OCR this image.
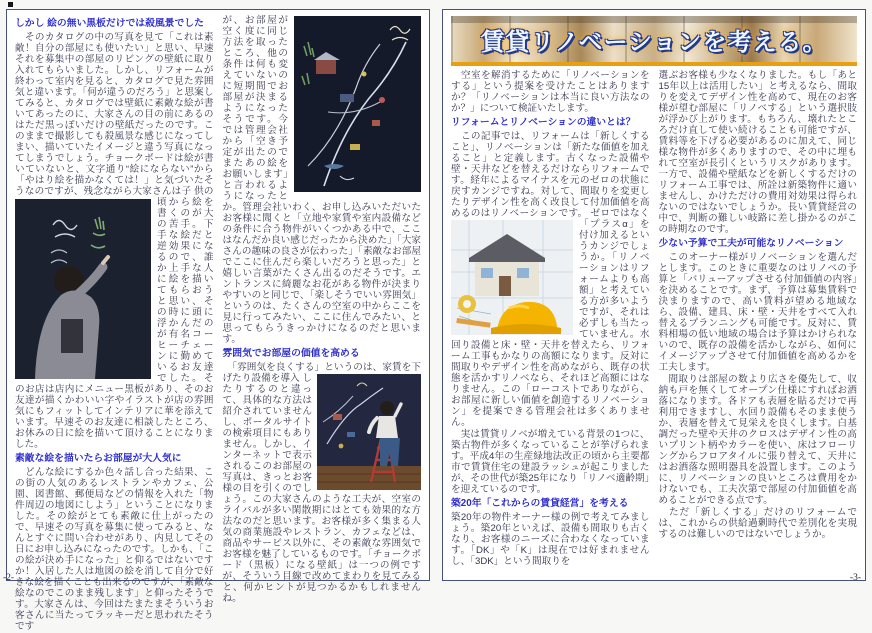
しかし 絵の無い黒板だけでは殺風景でした
　そのカタログの中の写真を見て「これは素敵！自分の部屋にも使いたい」と思い、早速それを募集中の部屋のリビングの壁紙に取り入れてもらいました。しかし、リフォームが終わって室内を見ると、カタログで見た雰囲気と違います。「何が違うのだろう」と思案してみると、カタログでは壁紙に素敵な絵が書いてあったのに、大家さんの目の前にあるのはただ黒っぽいだけの壁紙だったのです。このままで撮影しても殺風景な感じになってしまい、描いていたイメージと違う写真になってしまうでしょう。チョークボードは絵が書いていないと、文字通り“絵にならない”から「やはり絵を描かなくては！」と気づいたそうなのですが、残念ながら大家さんは子 供の頃から絵を書くのが大の苦手。下手な絵だと逆効果になるので、誰か上手な人に絵を描いてもらおうと思い、その時に頭に浮かんだのが有名コーヒーチェーンに勤めているお友達でした。そのお店は店内にメニュー黒板があり、そのお友達が描くかわいい字やイラストが店の雰囲気にもフィットしてインテリアに華を添えています。早速そのお友達に相談したところ、お休みの日に絵を描いて頂けることになりました。
素敵な絵を描いたらお部屋が大人気に
　どんな絵にするか色々話し合った結果、この街の人気のあるレストランやカフェ、公園、図書館、郵便局などの情報を入れた「物件周辺の地図にしよう」ということになりました。その絵がとても素敵に仕上がったので、早速その写真を募集に使ってみると、なんとすぐに問い合わせがあり、内見してその日にお申し込みになったのです。しかも、「この絵が決め手になった」と仰るではないですか！入居した人は地図の絵を消して自分で好きな絵を描くことも出来るのですが、「素敵な絵なのでこのまま残します」と仰ったそうです。大家さんは、今回はたまたまそういうお客さんに当たってラッキーだと思われたそうです
が、お部屋が空く度に同じ方法を取ったところ、他の条件は何も変えていないのに短期間でお部屋が決まるようになったそうです。今では管理会社から「空き予定が出たのでまたあの絵をお願いします」と言われるようになったとか。管理会社いわく、お申し込みいただいたお客様に聞くと「立地や家賃や室内設備などの条件に合う物件がいくつかある中で、ここはなんだか良い感じだったから決めた」「大家さんの趣味の良さが伝わった」「素敵なお部屋でここに住んだら楽しいだろうと思った」と嬉しい言葉がたくさん出るのだそうです。エントランスに綺麗なお花がある物件が決まりやすいのと同じで、「楽しそうでいい雰囲気」というのは、たくさんの空室の中からここを見に行ってみたい、ここに住んでみたい、と思ってもらうきっかけになるのだと思います。
雰囲気でお部屋の価値を高める
　「雰囲気を良くする」というのは、家賃を下げたり設備を導入 したりするのと違って、具体的な方法は紹介されていませんし、ポータルサイトの検索項目にもありません。しかし、インターネットで表示されるこのお部屋の写真は、きっとお客様の目を引くのでしょう。この大家さんのような工夫が、空室のライバルが多い閑散期にはとても効果的な方法なのだと思います。お客様が多く集まる人気の商業施設やレストラン、カフェなどは、商品やサービス以外に、その素敵な雰囲気でお客様を魅了しているものです。「チョークボード（黒板）になる壁紙」は一つの例ですが、そういう目線で改めてまわりを見てみると、何かヒントが見つかるかもしれませんね。
-2-
賃貸リノベーションを考える。
　空室を解消するために「リノベーションをする」という提案を受けたことはありますか？「リノベーションは本当に良い方法なのか？」について検証いたします。
リフォームとリノベーションの違いとは？
　この記事では、リフォームは「新しくすること」、リノベーションは「新たな価値を加えること」と定義します。古くなった設備や壁・天井などを替えるだけならリフォームです。経年によるマイナスを元のゼロの状態に戻すカンジですね。対して、間取りを変更したりデザイン性を高く改良して付加価値を高めるのはリノベーションです。 ゼロではなく「プラスα」を付け加えるというカンジでしょうか。「リノベーションはリフォームよりも高額」と考えている方が多いようですが、それは必ずしも当たっていません。水回り設備と床・壁・天井を替えたら、リフォーム工事もかなりの高額になります。反対に間取りやデザイン性を高めながら、既存の状態を活かすリノベなら、それほど高額にはなりません。この「ローコストでありながら、お部屋に新しい価値を創造するリノベーション」を提案できる管理会社は多くありません。
　実は賃貸リノベが増えている背景の1つに、築古物件が多くなっていることが挙げられます。平成4年の生産緑地法改正の頃から主要都市で賃貸住宅の建設ラッシュが起こりましたが、その世代が築25年になり「リノベ適齢期」を迎えているのです。
築20年「これからの賃貸経営」を考える
築20年の物件オーナー様の例で考えてみましょう。築20年といえば、設備も間取りも古くなり、お客様のニーズに合わなくなっています。「DK」や「K」は現在では好まれませんし、「3DK」という間取りを
選ぶお客様も少なくなりました。もし「あと15年以上は活用したい」と考えるなら、間取りを変えてデザイン性を高めて、現在のお客様が望む部屋に「リノベする」という選択肢が浮かび上がります。もちろん、壊れたところだけ直して使い続けることも可能ですが、賃料等を下げる必要があるのに加えて、同じ様な物件が多くありますので、その中に埋もれて空室が長引くというリスクがあります。一方で、設備や壁紙などを新しくするだけのリフォーム工事では、所詮は新築物件に適いませんし、かけただけの費用対効果は得られないのではないでしょうか。長い賃貸経営の中で、判断の難しい岐路に差し掛かるのがこの時期なのです。
少ない予算で工夫が可能なリノベーション
　このオーナー様がリノベーションを選んだとします。このときに重要なのはリノベの予算と「バリューアップさせる付加価値の内容」を決めることです。まず、予算は募集賃料で決まりますので、高い賃料が望める地域なら、設備、建具、床・壁・天井をすべて入れ替えるプランニングも可能です。反対に、賃料相場の低い地域の場合は予算はかけられないので、既存の設備を活かしながら、如何にイメージアップさせて付加価値を高めるかを工夫します。
　間取りは部屋の数より広さを優先して、収納も戸を無くしてオープン仕様にすればお洒落になります。各ドアも表層を貼るだけで再利用できますし、水回り設備もそのまま使うか、表層を替えて見栄えを良くします。白基調だった壁や天井のクロスはデザイン性の高いプリント柄やカラーを使い、床はフローリングからフロアタイルに張り替えて、天井にはお洒落な照明器具を設置します。このように、リノベーションの良いところは費用をかけないでも、工夫次第で部屋の付加価値を高めることができる点です。
　ただ「新しくする」だけのリフォームでは、これからの供給過剰時代で差別化を実現するのは難しいのではないでしょうか。
-3-
